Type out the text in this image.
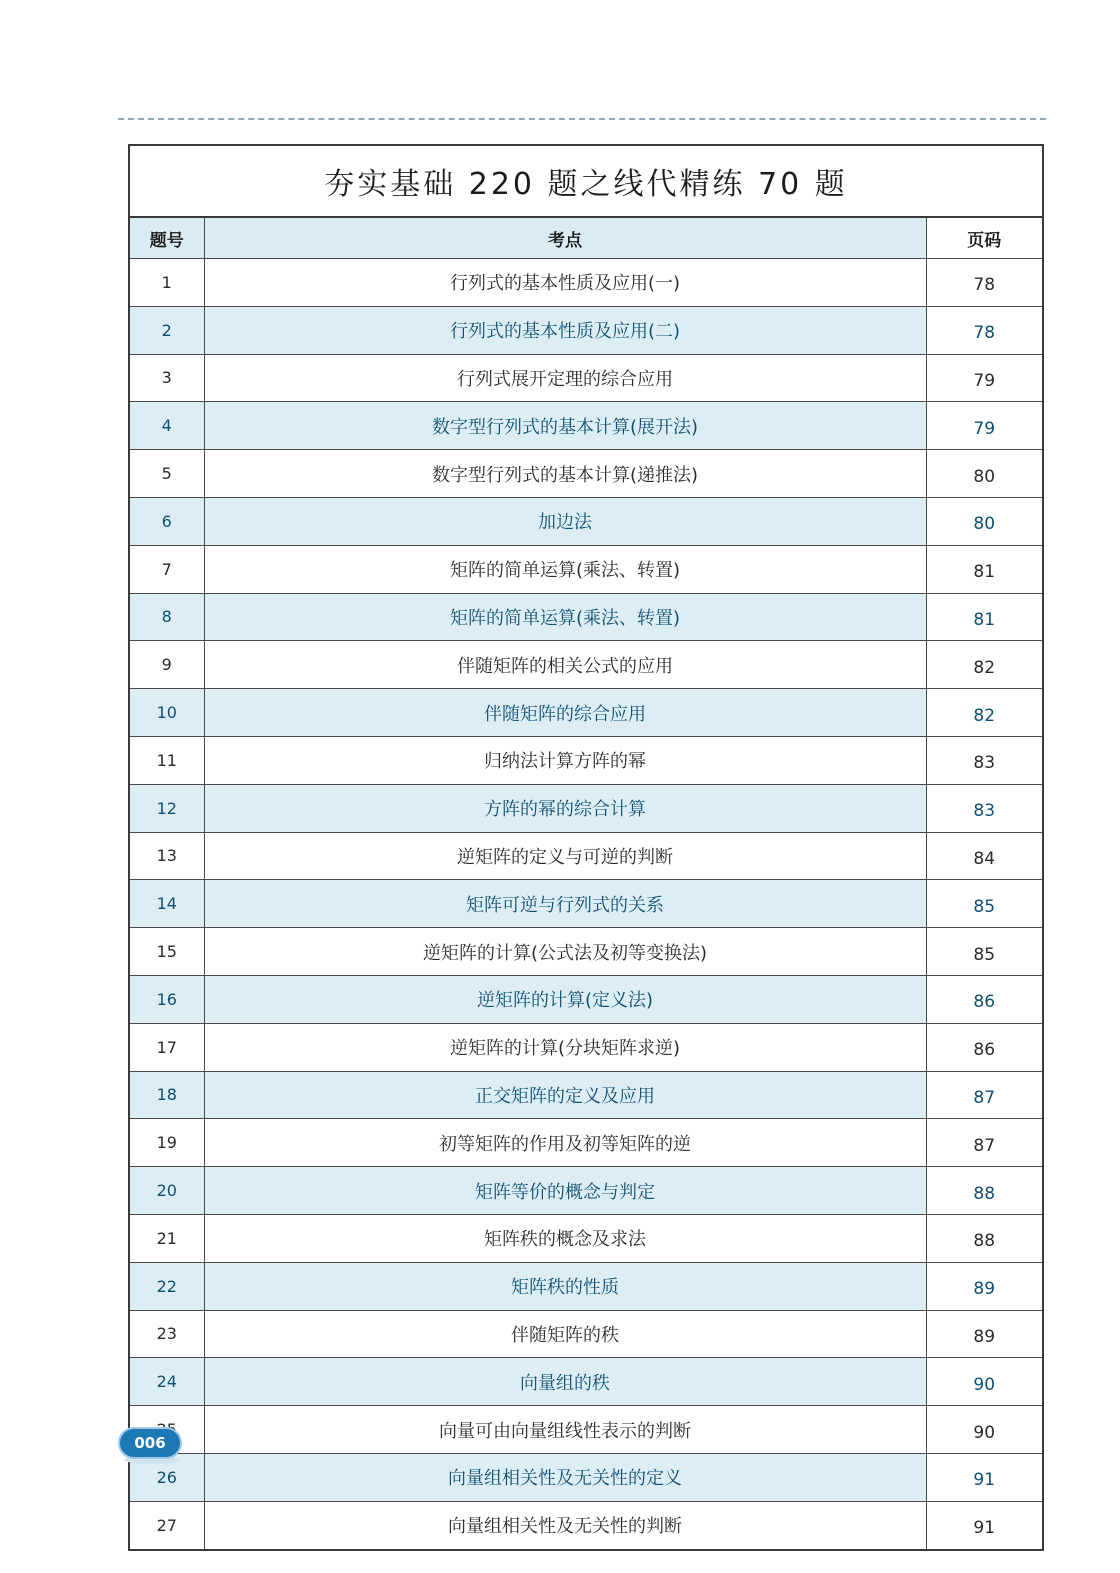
夯实基础 220 题之线代精练 70 题
题号	考点	页码
1	行列式的基本性质及应用(一)	78
2	行列式的基本性质及应用(二)	78
3	行列式展开定理的综合应用	79
4	数字型行列式的基本计算(展开法)	79
5	数字型行列式的基本计算(递推法)	80
6	加边法	80
7	矩阵的简单运算(乘法、转置)	81
8	矩阵的简单运算(乘法、转置)	81
9	伴随矩阵的相关公式的应用	82
10	伴随矩阵的综合应用	82
11	归纳法计算方阵的幂	83
12	方阵的幂的综合计算	83
13	逆矩阵的定义与可逆的判断	84
14	矩阵可逆与行列式的关系	85
15	逆矩阵的计算(公式法及初等变换法)	85
16	逆矩阵的计算(定义法)	86
17	逆矩阵的计算(分块矩阵求逆)	86
18	正交矩阵的定义及应用	87
19	初等矩阵的作用及初等矩阵的逆	87
20	矩阵等价的概念与判定	88
21	矩阵秩的概念及求法	88
22	矩阵秩的性质	89
23	伴随矩阵的秩	89
24	向量组的秩	90
	向量可由向量组线性表示的判断	90
26	向量组相关性及无关性的定义	91
27	向量组相关性及无关性的判断	91
006
